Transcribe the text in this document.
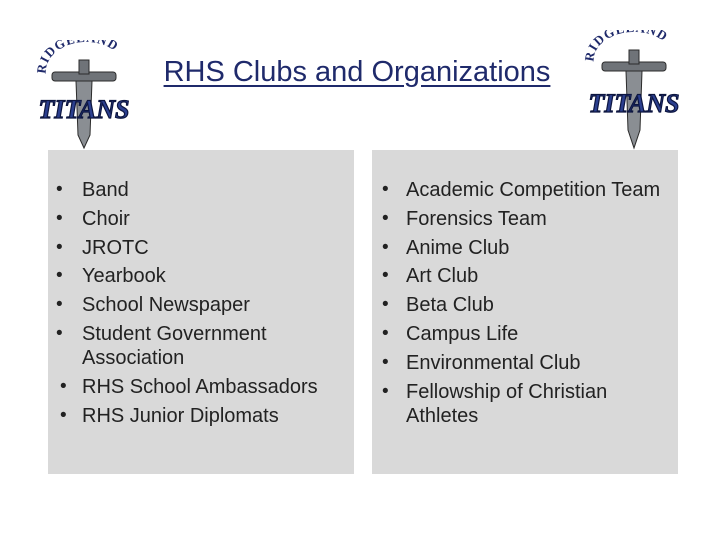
RIDG D
TITANS
RHS Clubs and Organizations
IDG ND
TITANS
• Band
• Choir
• JROTC
• Yearbook
• School Newspaper
• Student Government Association
• RHS School Ambassadors
• RHS Junior Diplomats
• Academic Competition Team
• Forensics Team
• Anime Club
• Art Club
• Beta Club
• Campus Life
• Environmental Club
• Fellowship of Christian Athletes
